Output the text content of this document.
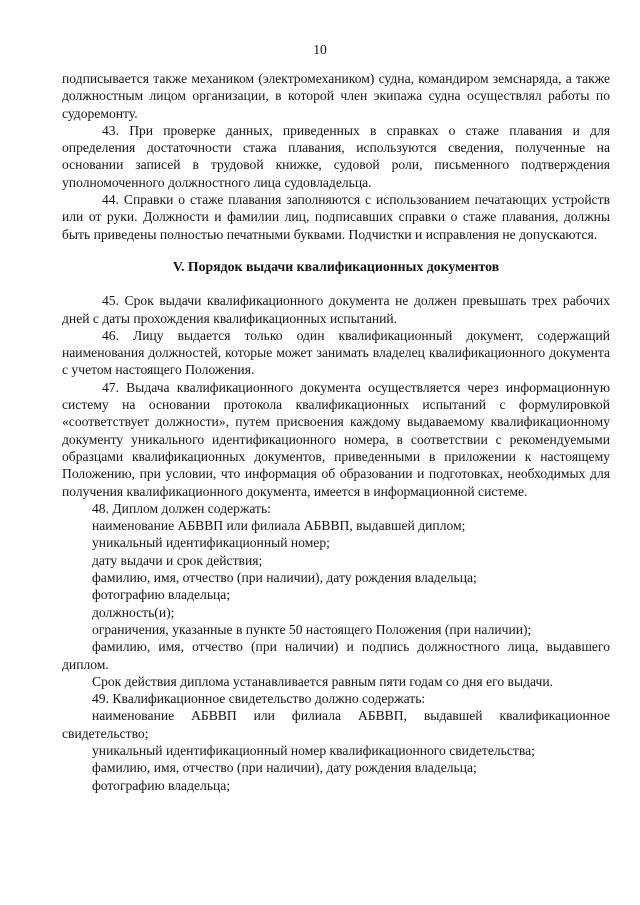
10

подписывается также механиком (электромехаником) судна, командиром земснаряда, а также должностным лицом организации, в которой член экипажа судна осуществлял работы по судоремонту.

43. При проверке данных, приведенных в справках о стаже плавания и для определения достаточности стажа плавания, используются сведения, полученные на основании записей в трудовой книжке, судовой роли, письменного подтверждения уполномоченного должностного лица судовладельца.

44. Справки о стаже плавания заполняются с использованием печатающих устройств или от руки. Должности и фамилии лиц, подписавших справки о стаже плавания, должны быть приведены полностью печатными буквами. Подчистки и исправления не допускаются.

V. Порядок выдачи квалификационных документов

45. Срок выдачи квалификационного документа не должен превышать трех рабочих дней с даты прохождения квалификационных испытаний.

46. Лицу выдается только один квалификационный документ, содержащий наименования должностей, которые может занимать владелец квалификационного документа с учетом настоящего Положения.

47. Выдача квалификационного документа осуществляется через информационную систему на основании протокола квалификационных испытаний с формулировкой «соответствует должности», путем присвоения каждому выдаваемому квалификационному документу уникального идентификационного номера, в соответствии с рекомендуемыми образцами квалификационных документов, приведенными в приложении к настоящему Положению, при условии, что информация об образовании и подготовках, необходимых для получения квалификационного документа, имеется в информационной системе.

48. Диплом должен содержать:

наименование АБВВП или филиала АБВВП, выдавшей диплом;

уникальный идентификационный номер;

дату выдачи и срок действия;

фамилию, имя, отчество (при наличии), дату рождения владельца;

фотографию владельца;

должность(и);

ограничения, указанные в пункте 50 настоящего Положения (при наличии);

фамилию, имя, отчество (при наличии) и подпись должностного лица, выдавшего диплом.

Срок действия диплома устанавливается равным пяти годам со дня его выдачи.

49. Квалификационное свидетельство должно содержать:

наименование АБВВП или филиала АБВВП, выдавшей квалификационное свидетельство;

уникальный идентификационный номер квалификационного свидетельства;

фамилию, имя, отчество (при наличии), дату рождения владельца;

фотографию владельца;
